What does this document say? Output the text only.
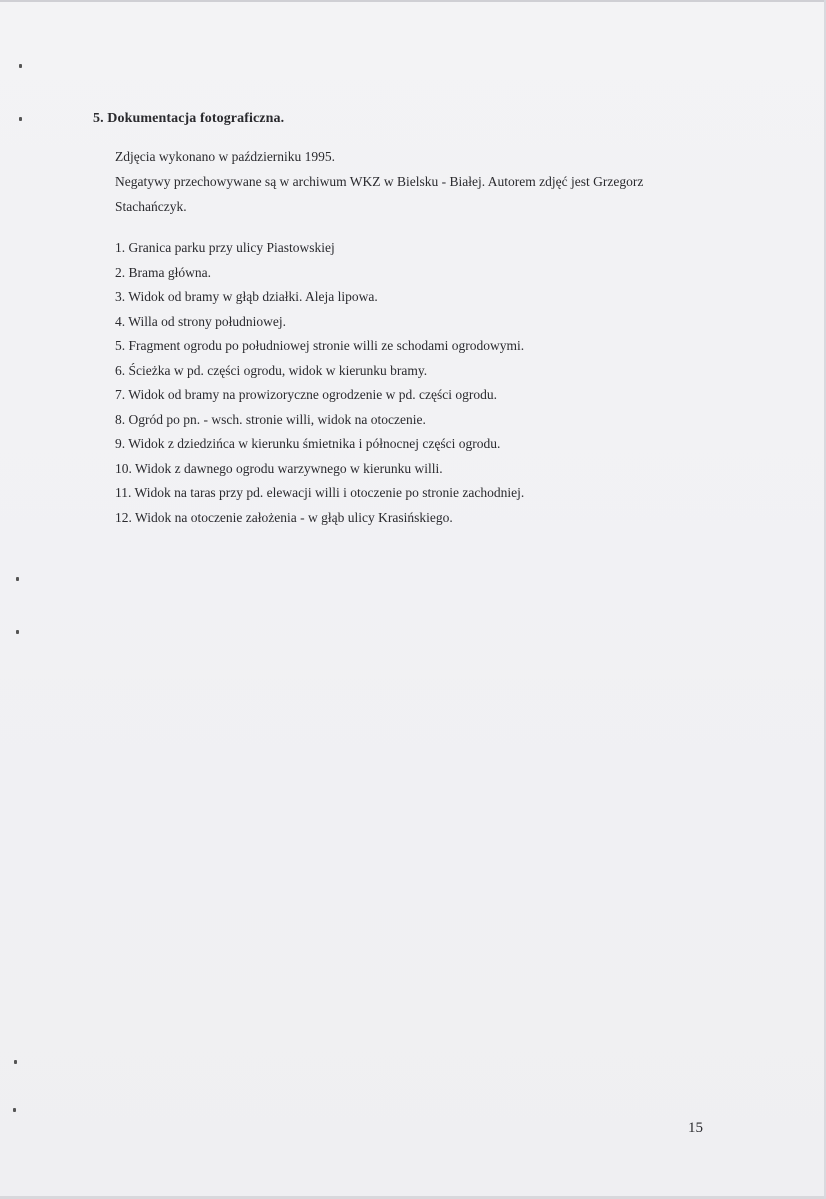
5. Dokumentacja fotograficzna.

Zdjęcia wykonano w październiku 1995.

Negatywy przechowywane są w archiwum WKZ w Bielsku - Białej. Autorem zdjęć jest Grzegorz

Stachańczyk.

1. Granica parku przy ulicy Piastowskiej
2. Brama główna.
3. Widok od bramy w głąb działki. Aleja lipowa.
4. Willa od strony południowej.
5. Fragment ogrodu po południowej stronie willi ze schodami ogrodowymi.
6. Ścieżka w pd. części ogrodu, widok w kierunku bramy.
7. Widok od bramy na prowizoryczne ogrodzenie w pd. części ogrodu.
8. Ogród po pn. - wsch. stronie willi, widok na otoczenie.
9. Widok z dziedzińca w kierunku śmietnika i północnej części ogrodu.
10. Widok z dawnego ogrodu warzywnego w kierunku willi.
11. Widok na taras przy pd. elewacji willi i otoczenie po stronie zachodniej.
12. Widok na otoczenie założenia - w głąb ulicy Krasińskiego.
15
